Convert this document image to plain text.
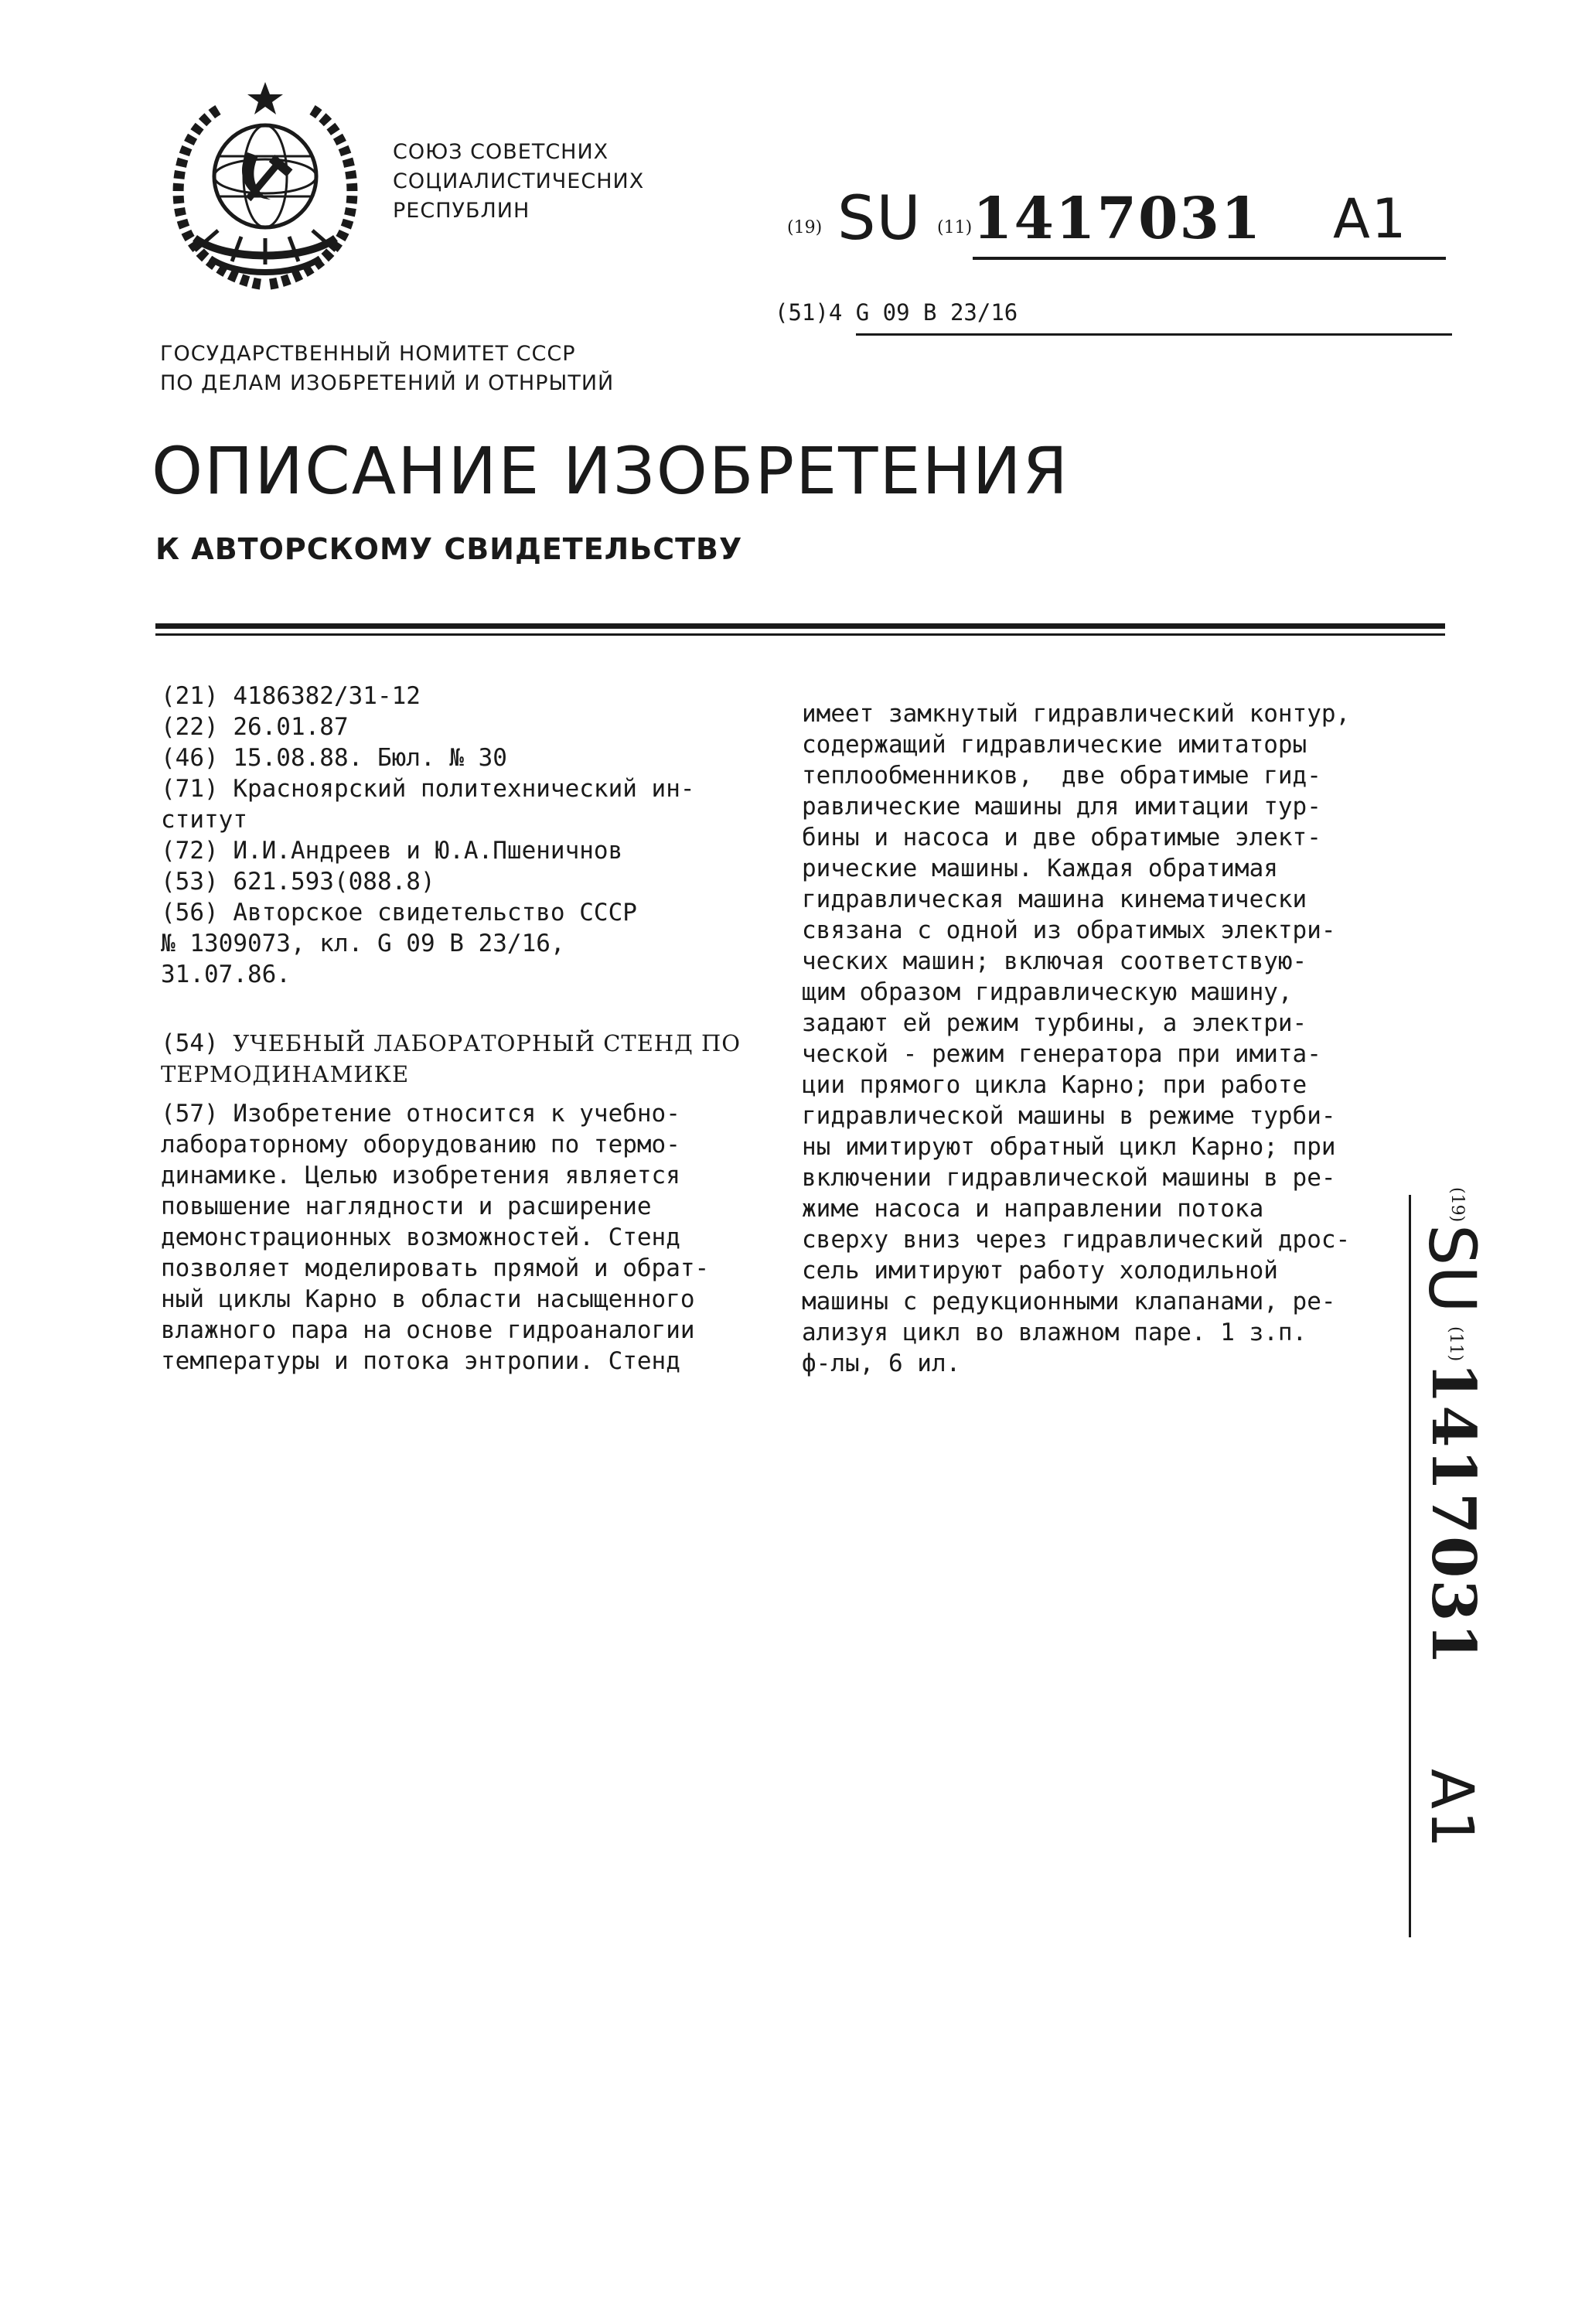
СОЮЗ СОВЕТСНИХ
СОЦИАЛИСТИЧЕСНИХ
РЕСПУБЛИН
(19) SU (11) 1417031 A1
(51)4 G 09 B 23/16
ГОСУДАРСТВЕННЫЙ НОМИТЕТ СССР
ПО ДЕЛАМ ИЗОБРЕТЕНИЙ И ОТНРЫТИЙ
ОПИСАНИЕ ИЗОБРЕТЕНИЯ
К АВТОРСКОМУ СВИДЕТЕЛЬСТВУ
(21) 4186382/31-12
(22) 26.01.87
(46) 15.08.88. Бюл. № 30
(71) Красноярский политехнический ин-
ститут
(72) И.И.Андреев и Ю.А.Пшеничнов
(53) 621.593(088.8)
(56) Авторское свидетельство СССР
№ 1309073, кл. G 09 B 23/16,
31.07.86.
(54) УЧЕБНЫЙ ЛАБОРАТОРНЫЙ СТЕНД ПО
ТЕРМОДИНАМИКЕ
(57) Изобретение относится к учебно-
лабораторному оборудованию по термо-
динамике. Целью изобретения является
повышение наглядности и расширение
демонстрационных возможностей. Стенд
позволяет моделировать прямой и обрат-
ный циклы Карно в области насыщенного
влажного пара на основе гидроаналогии
температуры и потока энтропии. Стенд
имеет замкнутый гидравлический контур,
содержащий гидравлические имитаторы
теплообменников,  две обратимые гид-
равлические машины для имитации тур-
бины и насоса и две обратимые элект-
рические машины. Каждая обратимая
гидравлическая машина кинематически
связана с одной из обратимых электри-
ческих машин; включая соответствую-
щим образом гидравлическую машину,
задают ей режим турбины, а электри-
ческой - режим генератора при имита-
ции прямого цикла Карно; при работе
гидравлической машины в режиме турби-
ны имитируют обратный цикл Карно; при
включении гидравлической машины в ре-
жиме насоса и направлении потока
сверху вниз через гидравлический дрос-
сель имитируют работу холодильной
машины с редукционными клапанами, ре-
ализуя цикл во влажном паре. 1 з.п.
ф-лы, 6 ил.
(19)
SU
(11)
1417031
A1
